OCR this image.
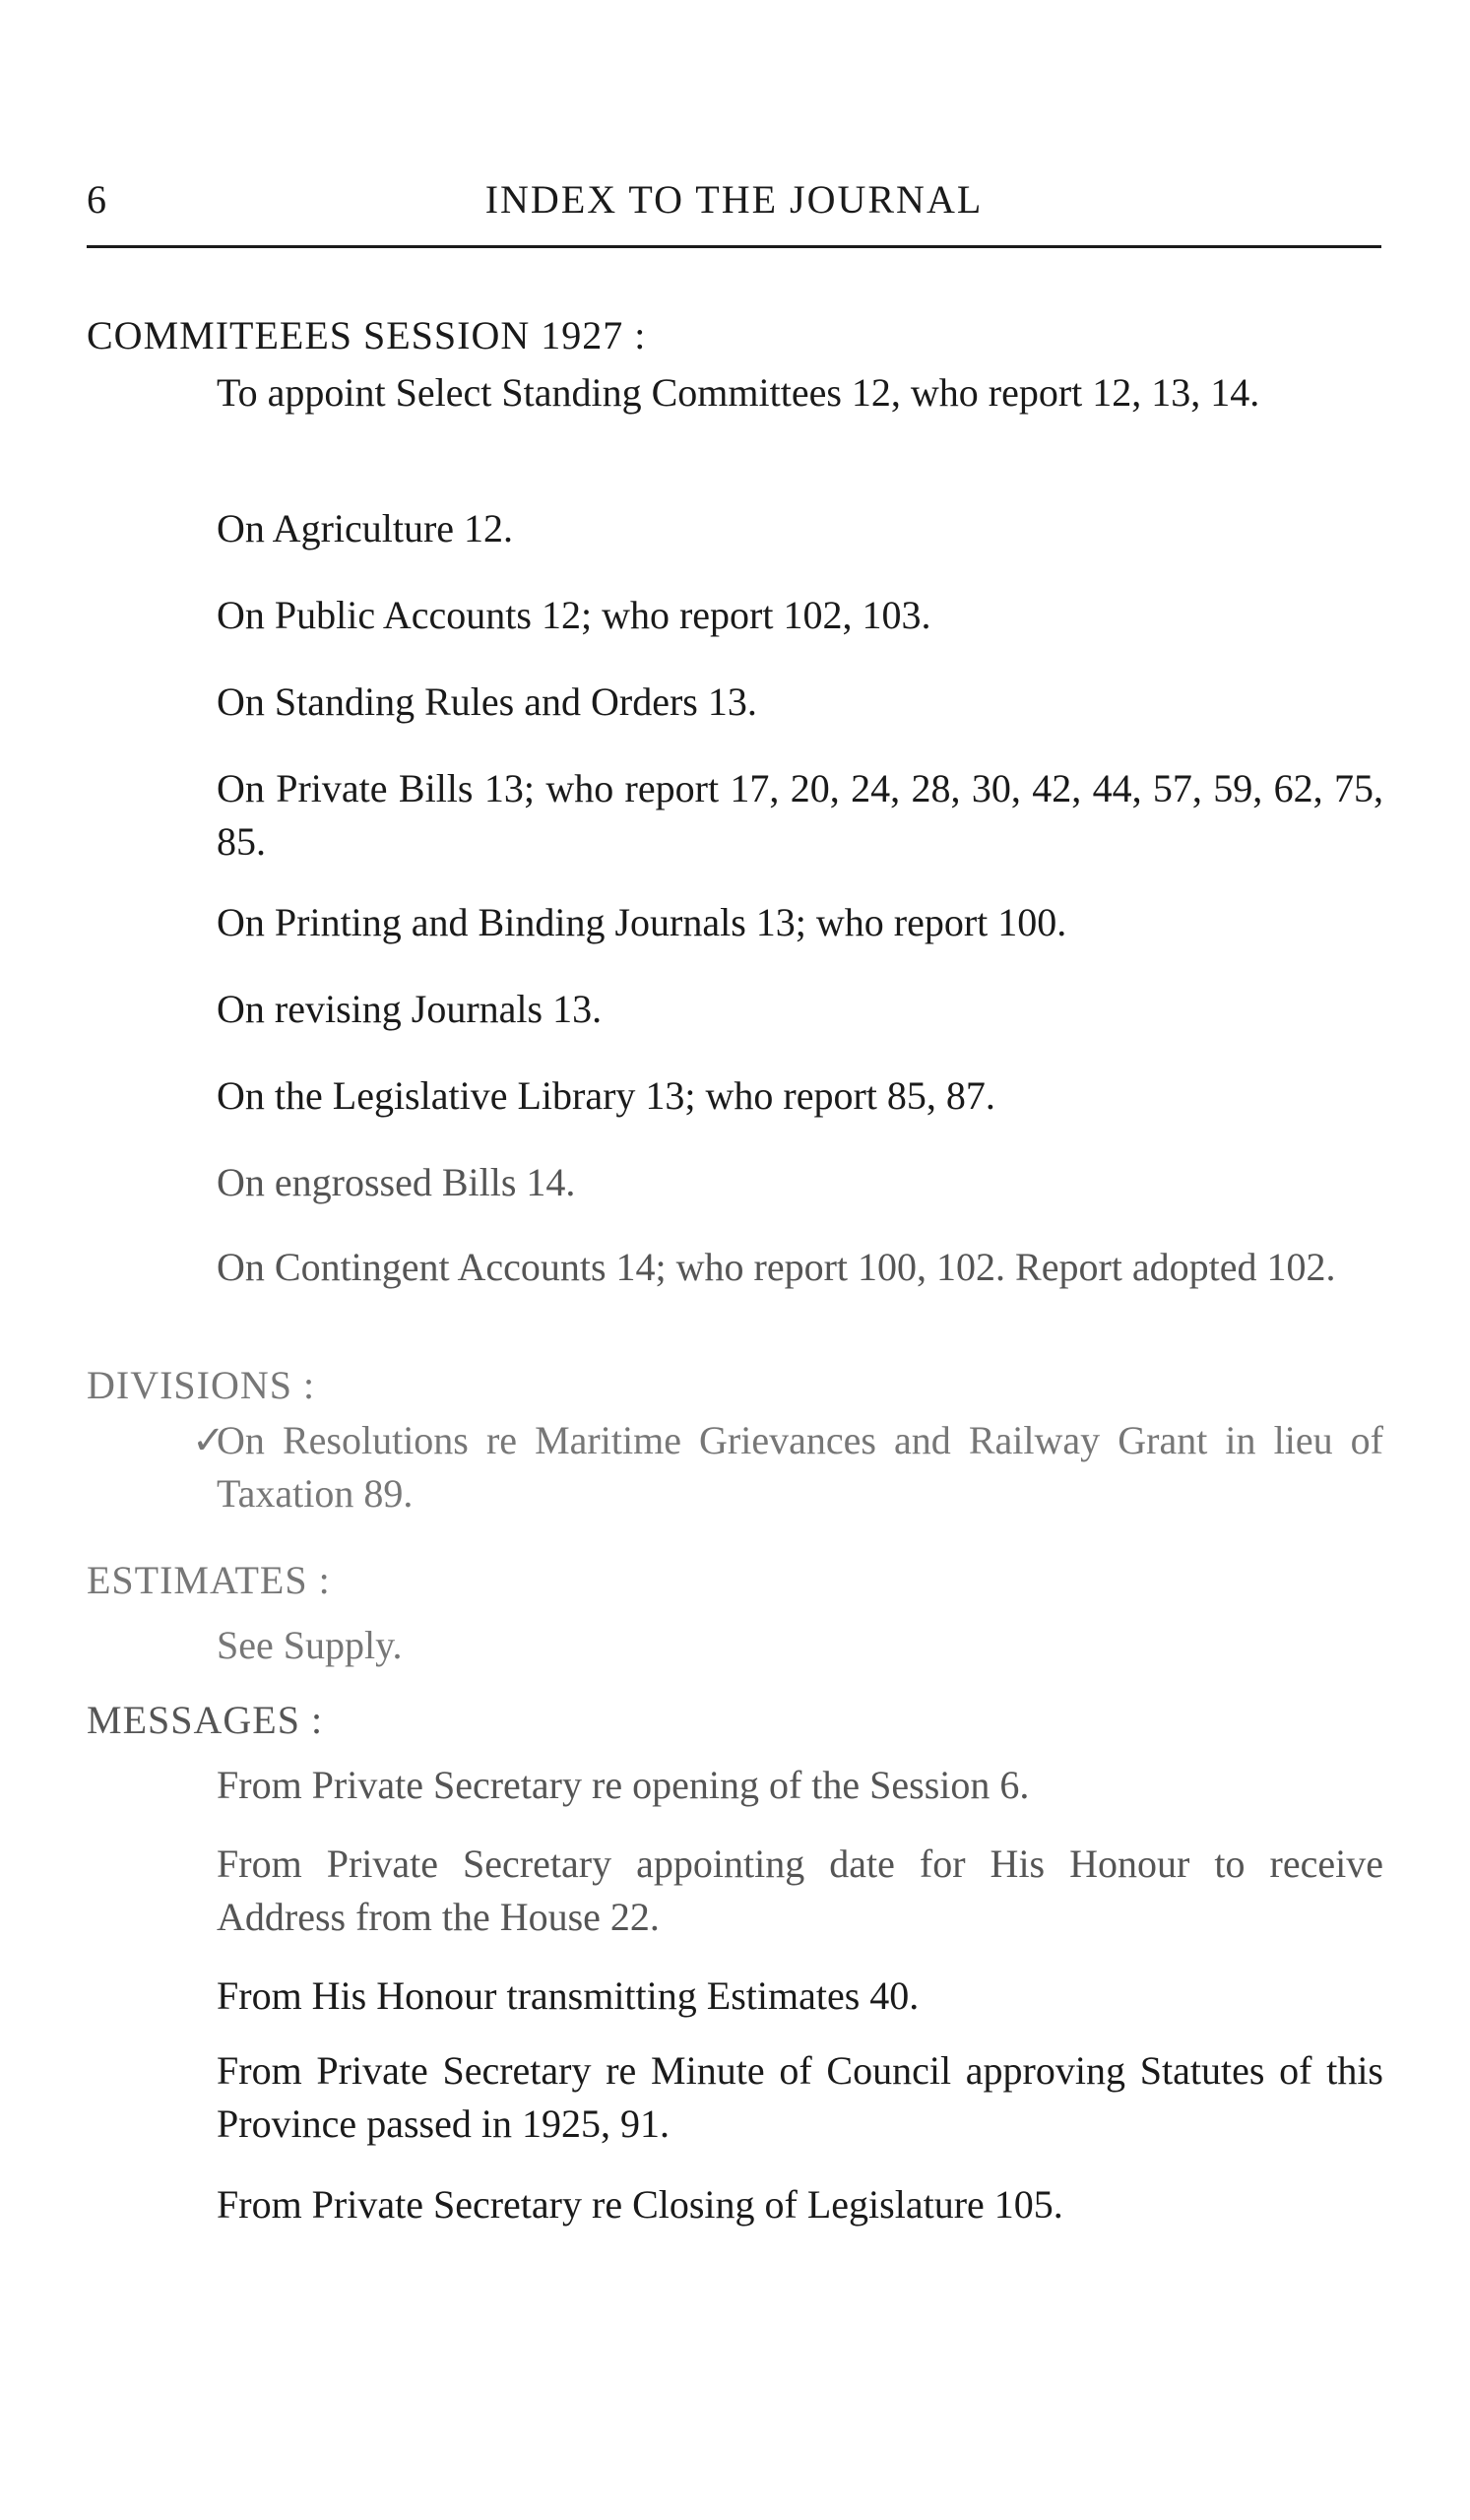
6	INDEX TO THE JOURNAL
COMMITEEES SESSION 1927 :
To appoint Select Standing Committees 12, who report 12, 13, 14.
On Agriculture 12.
On Public Accounts 12; who report 102, 103.
On Standing Rules and Orders 13.
On Private Bills 13; who report 17, 20, 24, 28, 30, 42, 44, 57, 59, 62, 75, 85.
On Printing and Binding Journals 13; who report 100.
On revising Journals 13.
On the Legislative Library 13; who report 85, 87.
On engrossed Bills 14.
On Contingent Accounts 14; who report 100, 102. Report adopted 102.
DIVISIONS :
✓
On Resolutions re Maritime Grievances and Railway Grant in lieu of Taxation 89.
ESTIMATES :
See Supply.
MESSAGES :
From Private Secretary re opening of the Session 6.
From Private Secretary appointing date for His Honour to receive Address from the House 22.
From His Honour transmitting Estimates 40.
From Private Secretary re Minute of Council approving Statutes of this Province passed in 1925, 91.
From Private Secretary re Closing of Legislature 105.
